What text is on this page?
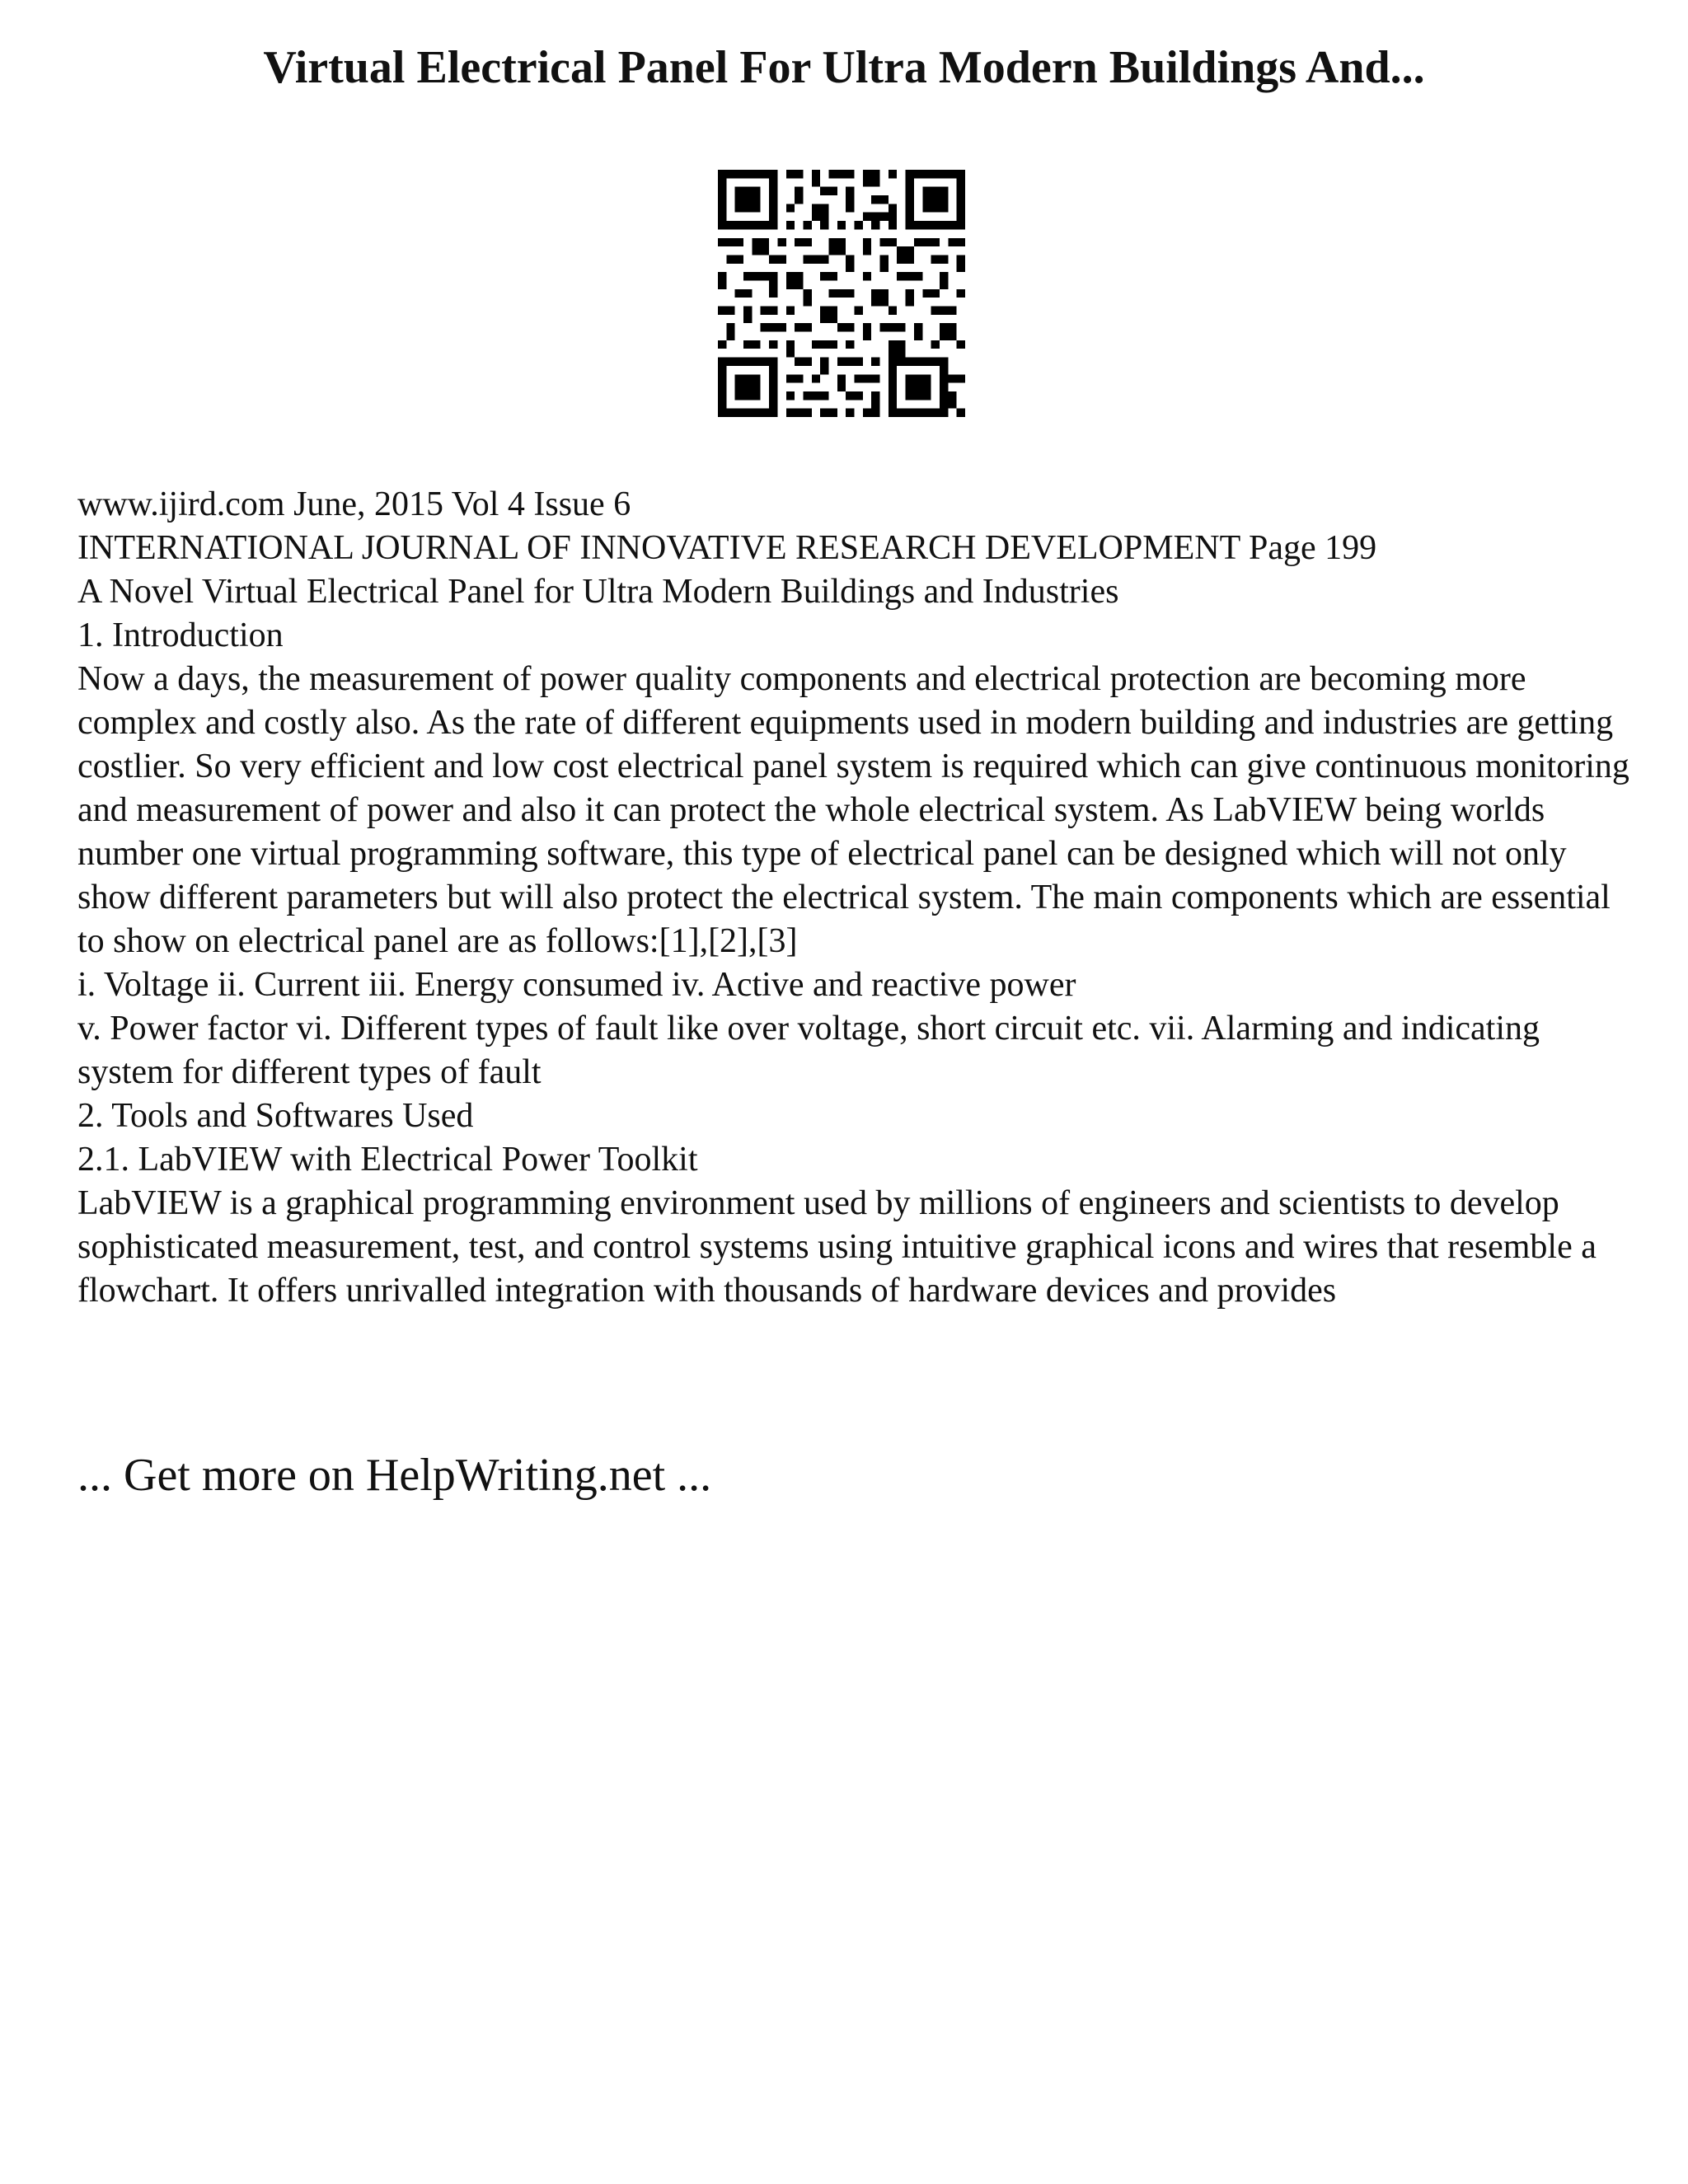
Virtual Electrical Panel For Ultra Modern Buildings And...

www.ijird.com June, 2015 Vol 4 Issue 6

INTERNATIONAL JOURNAL OF INNOVATIVE RESEARCH DEVELOPMENT Page 199

A Novel Virtual Electrical Panel for Ultra Modern Buildings and Industries

1. Introduction

Now a days, the measurement of power quality components and electrical protection are becoming more complex and costly also. As the rate of different equipments used in modern building and industries are getting costlier. So very efficient and low cost electrical panel system is required which can give continuous monitoring and measurement of power and also it can protect the whole electrical system. As LabVIEW being worlds number one virtual programming software, this type of electrical panel can be designed which will not only show different parameters but will also protect the electrical system. The main components which are essential to show on electrical panel are as follows:[1],[2],[3]

i. Voltage ii. Current iii. Energy consumed iv. Active and reactive power

v. Power factor vi. Different types of fault like over voltage, short circuit etc. vii. Alarming and indicating system for different types of fault

2. Tools and Softwares Used

2.1. LabVIEW with Electrical Power Toolkit

LabVIEW is a graphical programming environment used by millions of engineers and scientists to develop sophisticated measurement, test, and control systems using intuitive graphical icons and wires that resemble a flowchart. It offers unrivalled integration with thousands of hardware devices and provides

... Get more on HelpWriting.net ...
